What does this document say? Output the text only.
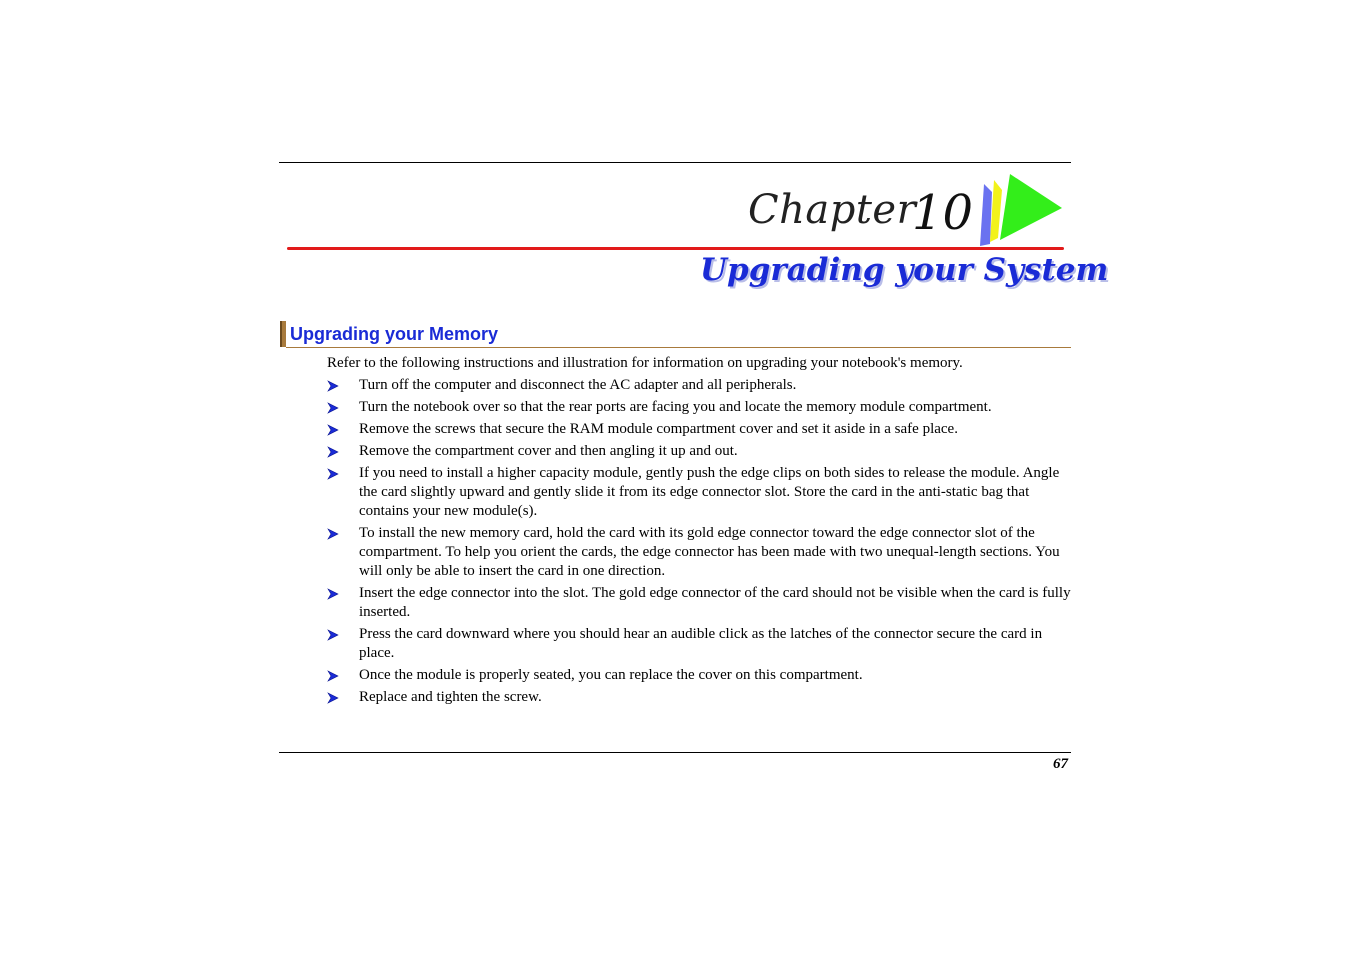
Chapter
10
Upgrading your System
Upgrading your Memory
Refer to the following instructions and illustration for information on upgrading your notebook's memory.
Turn off the computer and disconnect the AC adapter and all peripherals.
Turn the notebook over so that the rear ports are facing you and locate the memory module compartment.
Remove the screws that secure the RAM module compartment cover and set it aside in a safe place.
Remove the compartment cover and then angling it up and out.
If you need to install a higher capacity module, gently push the edge clips on both sides to release the module. Angle the card slightly upward and gently slide it from its edge connector slot. Store the card in the anti-static bag that contains your new module(s).
To install the new memory card, hold the card with its gold edge connector toward the edge connector slot of the compartment. To help you orient the cards, the edge connector has been made with two unequal-length sections. You will only be able to insert the card in one direction.
Insert the edge connector into the slot. The gold edge connector of the card should not be visible when the card is fully inserted.
Press the card downward where you should hear an audible click as the latches of the connector secure the card in place.
Once the module is properly seated, you can replace the cover on this compartment.
Replace and tighten the screw.
67
